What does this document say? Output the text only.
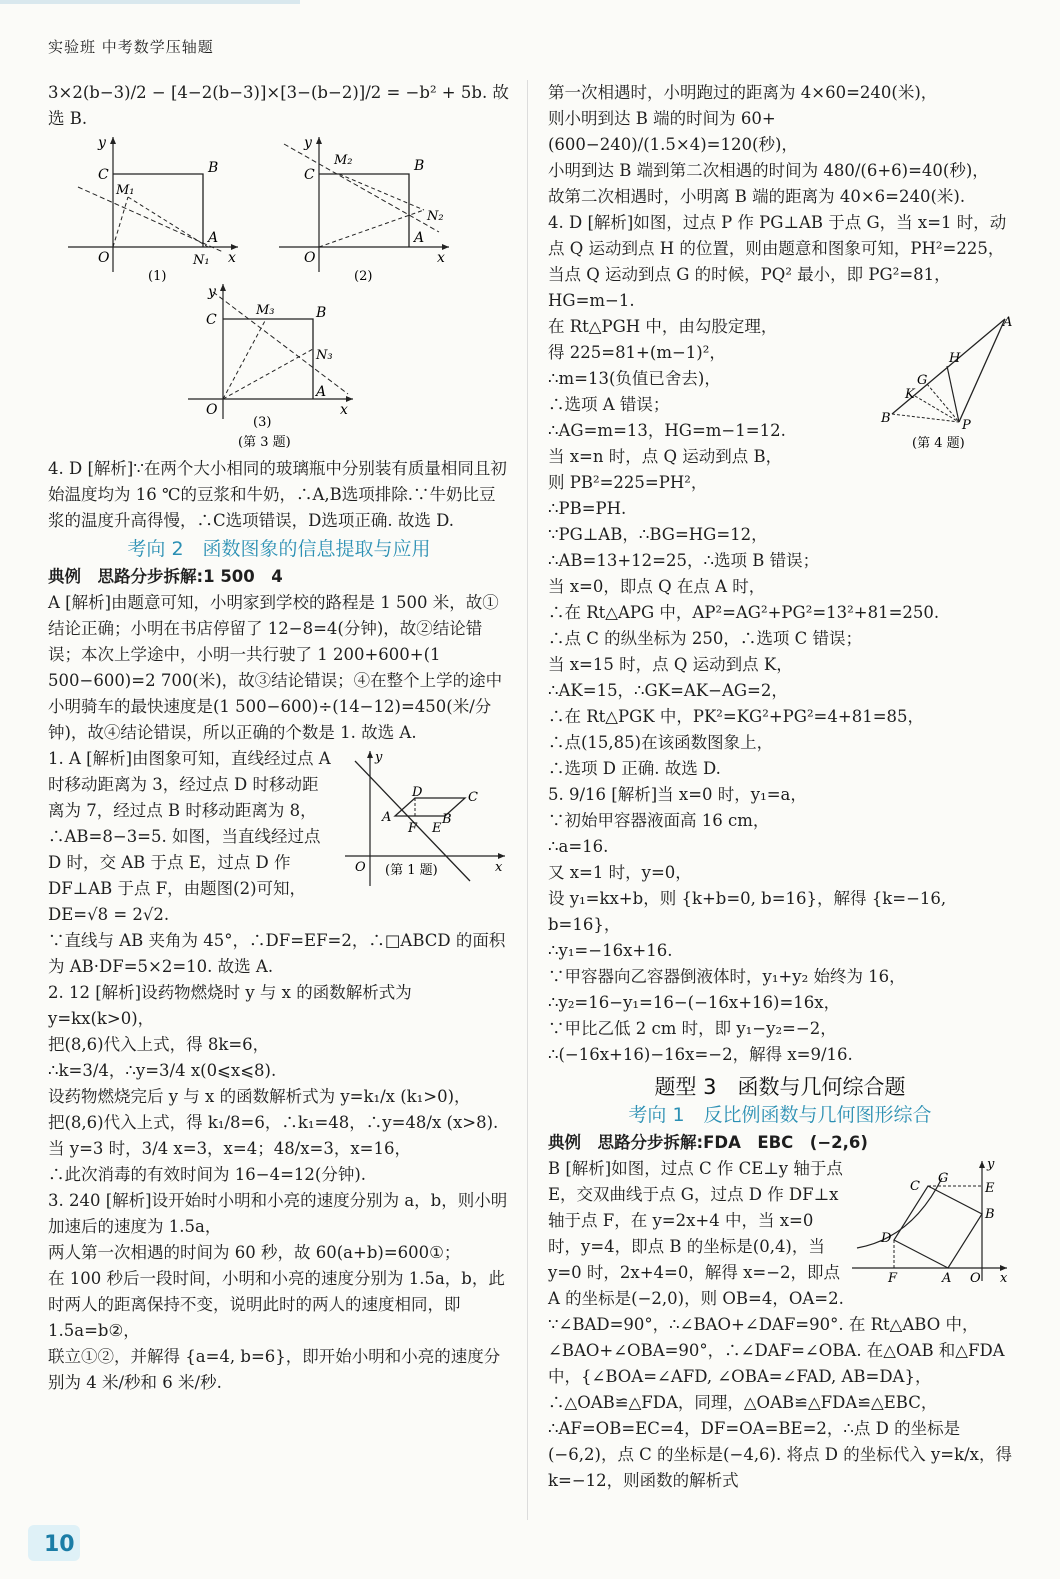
实验班 中考数学压轴题

3×2(b−3)/2 − [4−2(b−3)]×[3−(b−2)]/2 = −b² + 5b. 故

选 B.

C	B
M₁
A
N₁
O	x
y
(1)
C
B
M₂
A
N₂
O	x
y
(2)
C	B
M₃
N₃
A
O	x
y
(3)
(第 3 题)

4. D [解析]∵在两个大小相同的玻璃瓶中分别装有质量相同且初始温度均为 16 ℃的豆浆和牛奶，∴A,B选项排除.∵牛奶比豆浆的温度升高得慢，∴C选项错误，D选项正确. 故选 D.

考向 2　函数图象的信息提取与应用

典例　思路分步拆解:1 500　4

A [解析]由题意可知，小明家到学校的路程是 1 500 米，故①结论正确；小明在书店停留了 12−8=4(分钟)，故②结论错误；本次上学途中，小明一共行驶了 1 200+600+(1 500−600)=2 700(米)，故③结论错误；④在整个上学的途中小明骑车的最快速度是(1 500−600)÷(14−12)=450(米/分钟)，故④结论错误，所以正确的个数是 1. 故选 A.

A
D	C
B
F E
O	x
y
(第 1 题)

1. A [解析]由图象可知，直线经过点 A 时移动距离为 3，经过点 D 时移动距离为 7，经过点 B 时移动距离为 8，∴AB=8−3=5. 如图，当直线经过点 D 时，交 AB 于点 E，过点 D 作 DF⊥AB 于点 F，由题图(2)可知，DE=√8 = 2√2.

∵直线与 AB 夹角为 45°，∴DF=EF=2，∴□ABCD 的面积为 AB·DF=5×2=10. 故选 A.

2. 12 [解析]设药物燃烧时 y 与 x 的函数解析式为 y=kx(k>0)，

把(8,6)代入上式，得 8k=6，

∴k=3/4，∴y=3/4 x(0⩽x⩽8).

设药物燃烧完后 y 与 x 的函数解析式为 y=k₁/x (k₁>0)，

把(8,6)代入上式，得 k₁/8=6，∴k₁=48，∴y=48/x (x>8).

当 y=3 时，3/4 x=3，x=4；48/x=3，x=16，

∴此次消毒的有效时间为 16−4=12(分钟).

3. 240 [解析]设开始时小明和小亮的速度分别为 a，b，则小明加速后的速度为 1.5a，

两人第一次相遇的时间为 60 秒，故 60(a+b)=600①；

在 100 秒后一段时间，小明和小亮的速度分别为 1.5a，b，此时两人的距离保持不变，说明此时的两人的速度相同，即 1.5a=b②，

联立①②，并解得 {a=4, b=6}，即开始小明和小亮的速度分别为 4 米/秒和 6 米/秒.

第一次相遇时，小明跑过的距离为 4×60=240(米)，

则小明到达 B 端的时间为 60+(600−240)/(1.5×4)=120(秒)，

小明到达 B 端到第二次相遇的时间为 480/(6+6)=40(秒)，

故第二次相遇时，小明离 B 端的距离为 40×6=240(米).

4. D [解析]如图，过点 P 作 PG⊥AB 于点 G，当 x=1 时，动点 Q 运动到点 H 的位置，则由题意和图象可知，PH²=225，当点 Q 运动到点 G 的时候，PQ² 最小，即 PG²=81，HG=m−1.

A
H
G
K
B	P
(第 4 题)

在 Rt△PGH 中，由勾股定理，

得 225=81+(m−1)²，

∴m=13(负值已舍去)，

∴选项 A 错误；

∴AG=m=13，HG=m−1=12.

当 x=n 时，点 Q 运动到点 B，

则 PB²=225=PH²，

∴PB=PH.

∵PG⊥AB，∴BG=HG=12，

∴AB=13+12=25，∴选项 B 错误；

当 x=0，即点 Q 在点 A 时，

∴在 Rt△APG 中，AP²=AG²+PG²=13²+81=250.

∴点 C 的纵坐标为 250，∴选项 C 错误；

当 x=15 时，点 Q 运动到点 K，

∴AK=15，∴GK=AK−AG=2，

∴在 Rt△PGK 中，PK²=KG²+PG²=4+81=85，

∴点(15,85)在该函数图象上，

∴选项 D 正确. 故选 D.

5. 9/16 [解析]当 x=0 时，y₁=a，

∵初始甲容器液面高 16 cm，

∴a=16.

又 x=1 时，y=0，

设 y₁=kx+b，则 {k+b=0, b=16}，解得 {k=−16, b=16}，

∴y₁=−16x+16.

∵甲容器向乙容器倒液体时，y₁+y₂ 始终为 16，

∴y₂=16−y₁=16−(−16x+16)=16x，

∵甲比乙低 2 cm 时，即 y₁−y₂=−2，

∴(−16x+16)−16x=−2，解得 x=9/16.

题型 3　函数与几何综合题

考向 1　反比例函数与几何图形综合

典例　思路分步拆解:FDA　EBC　(−2,6)

C
G
E
B
D
F	A O x
y

B [解析]如图，过点 C 作 CE⊥y 轴于点 E，交双曲线于点 G，过点 D 作 DF⊥x 轴于点 F，在 y=2x+4 中，当 x=0 时，y=4，即点 B 的坐标是(0,4)，当 y=0 时，2x+4=0，解得 x=−2，即点 A 的坐标是(−2,0)，则 OB=4，OA=2.

∵∠BAD=90°，∴∠BAO+∠DAF=90°. 在 Rt△ABO 中，∠BAO+∠OBA=90°，∴∠DAF=∠OBA. 在△OAB 和△FDA 中，{∠BOA=∠AFD, ∠OBA=∠FAD, AB=DA}，∴△OAB≌△FDA，同理，△OAB≌△FDA≌△EBC，∴AF=OB=EC=4，DF=OA=BE=2，∴点 D 的坐标是(−6,2)，点 C 的坐标是(−4,6). 将点 D 的坐标代入 y=k/x，得 k=−12，则函数的解析式

10
